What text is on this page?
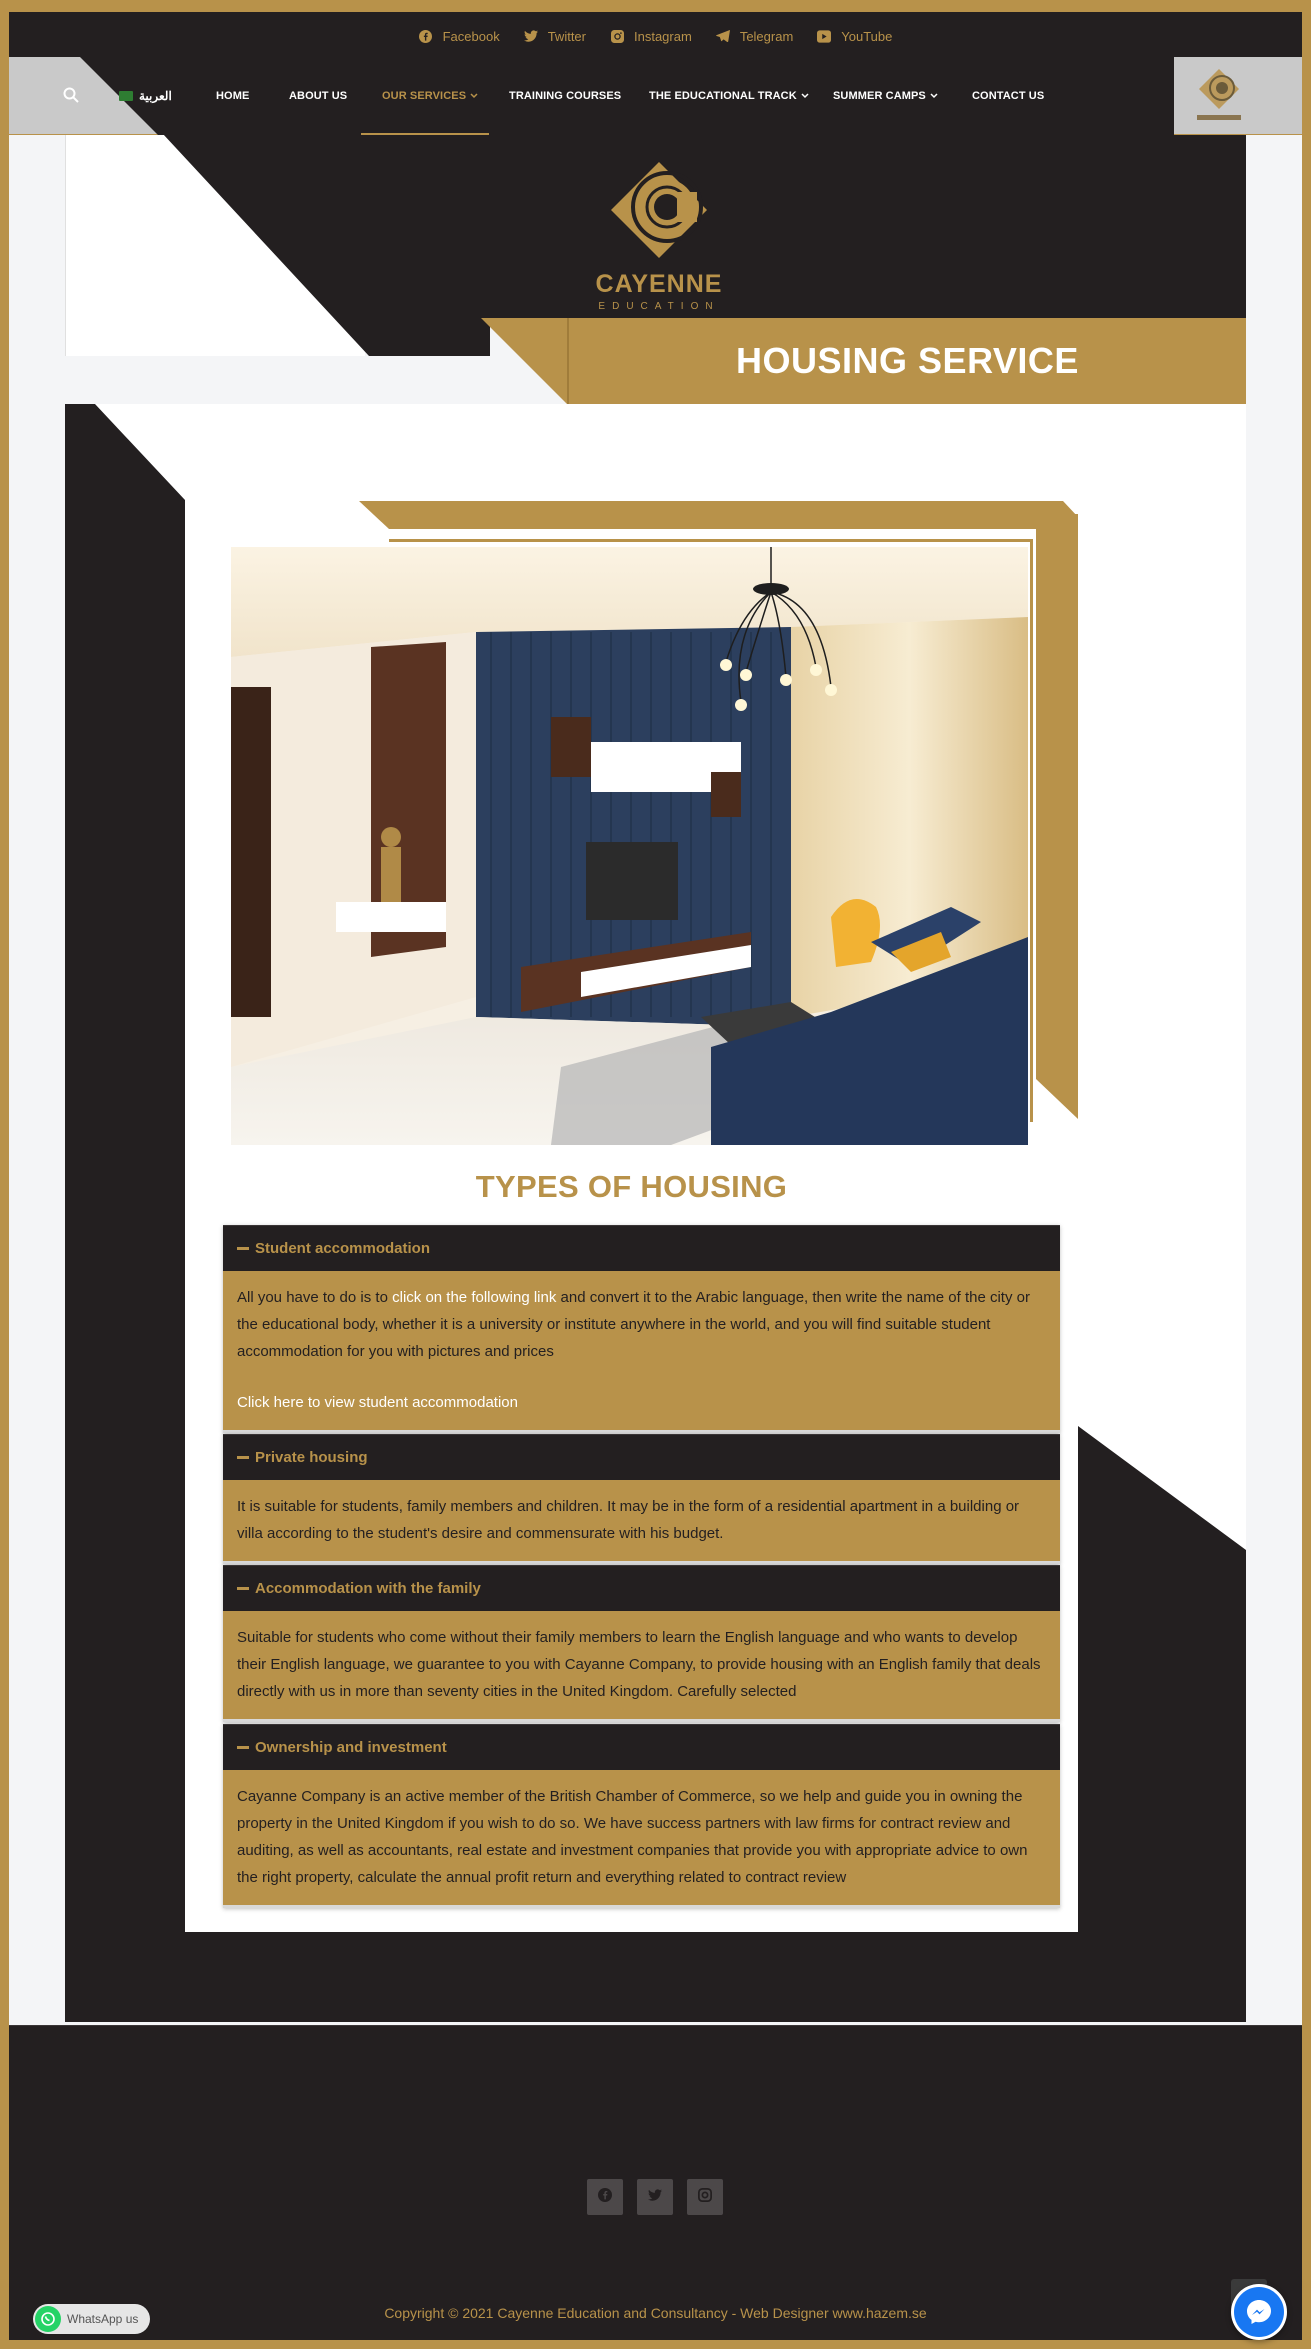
Facebook	Twitter	Instagram	Telegram	YouTube
CAYENNE
EDUCATION
HOUSING SERVICE
TYPES OF HOUSING
Student accommodation
All you have to do is to click on the following link and convert it to the Arabic language, then write the name of the city or the educational body, whether it is a university or institute anywhere in the world, and you will find suitable student accommodation for you with pictures and prices
Click here to view student accommodation
Private housing
It is suitable for students, family members and children. It may be in the form of a residential apartment in a building or villa according to the student's desire and commensurate with his budget.
Accommodation with the family
Suitable for students who come without their family members to learn the English language and who wants to develop their English language, we guarantee to you with Cayanne Company, to provide housing with an English family that deals directly with us in more than seventy cities in the United Kingdom. Carefully selected
Ownership and investment
Cayanne Company is an active member of the British Chamber of Commerce, so we help and guide you in owning the property in the United Kingdom if you wish to do so. We have success partners with law firms for contract review and auditing, as well as accountants, real estate and investment companies that provide you with appropriate advice to own the right property, calculate the annual profit return and everything related to contract review
العربية	HOME	ABOUT US	OUR SERVICES	TRAINING COURSES	THE EDUCATIONAL TRACK	SUMMER CAMPS	CONTACT US
Copyright © 2021 Cayenne Education and Consultancy - Web Designer www.hazem.se
WhatsApp us
